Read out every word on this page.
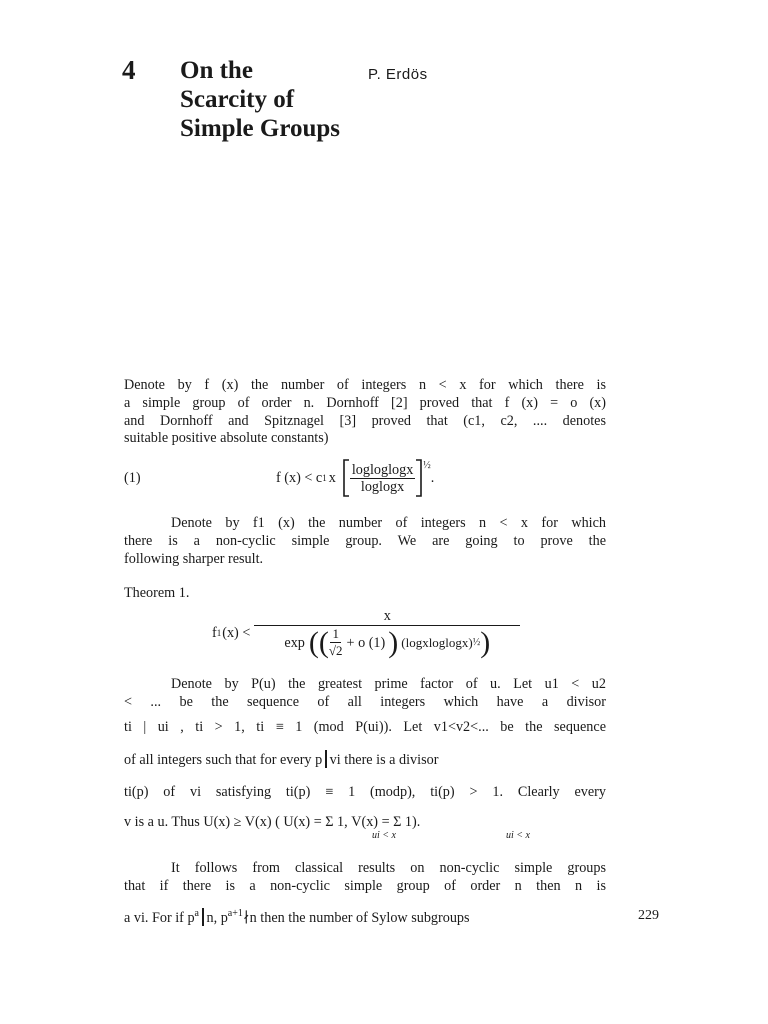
4 On the
Scarcity of
Simple Groups
P. Erdös
Denote by f (x) the number of integers n < x for which there is
a simple group of order n. Dornhoff [2] proved that f (x) = o (x)
and Dornhoff and Spitznagel [3] proved that (c1, c2, .... denotes
suitable positive absolute constants)
(1)	f (x) < c 1 x $\frac{\text{logloglogx}}{\text{loglogx}}$ ½
.
Denote by f1 (x) the number of integers n < x for which
there is a non-cyclic simple group. We are going to prove the
following sharper result.
Theorem 1.
f 1 (x) <
x
exp (( $\frac{1}{√2} + o$ (1) ) (logxloglogx) ½ )
Denote by P(u) the greatest prime factor of u. Let u1 < u2
< ... be the sequence of all integers which have a divisor
ti | ui , ti > 1, ti ≡ 1 (mod P(ui)). Let v1<v2<... be the sequence
of all integers such that for every p vi there is a divisor
ti(p) of vi satisfying ti(p) ≡ 1 (modp), ti(p) > 1. Clearly every
v is a u. Thus U(x) ≥ V(x) ( U(x) = Σ 1, V(x) = Σ 1).
ui < x	ui < x
It follows from classical results on non-cyclic simple groups
that if there is a non-cyclic simple group of order n then n is
a vi. For if $p^a$ n, $p^{a+1}∤n$ then the number of Sylow subgroups	229
